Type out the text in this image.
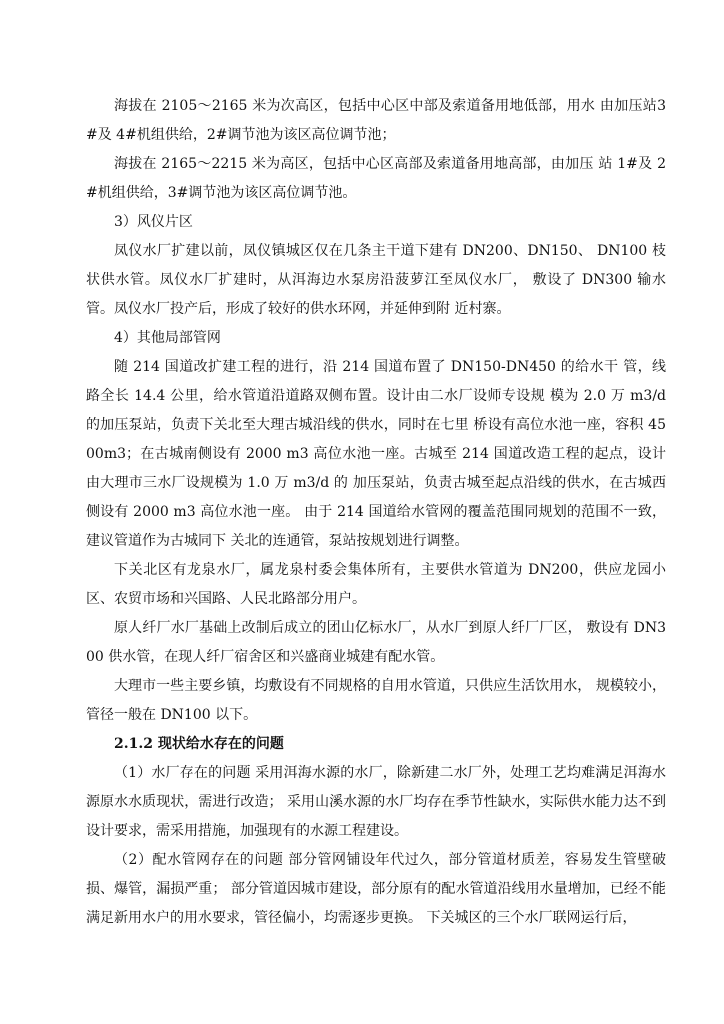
海拔在 2105～2165 米为次高区，包括中心区中部及索道备用地低部，用水 由加压站3#及 4#机组供给，2#调节池为该区高位调节池；

海拔在 2165～2215 米为高区，包括中心区高部及索道备用地高部，由加压 站 1#及 2#机组供给，3#调节池为该区高位调节池。

3）风仪片区

凤仪水厂扩建以前，凤仪镇城区仅在几条主干道下建有 DN200、DN150、 DN100 枝状供水管。凤仪水厂扩建时，从洱海边水泵房沿菠萝江至凤仪水厂， 敷设了 DN300 输水管。凤仪水厂投产后，形成了较好的供水环网，并延伸到附 近村寨。

4）其他局部管网

随 214 国道改扩建工程的进行，沿 214 国道布置了 DN150-DN450 的给水干 管，线路全长 14.4 公里，给水管道沿道路双侧布置。设计由二水厂设师专设规 模为 2.0 万 m3/d 的加压泵站，负责下关北至大理古城沿线的供水，同时在七里 桥设有高位水池一座，容积 4500m3；在古城南侧设有 2000 m3 高位水池一座。古城至 214 国道改造工程的起点，设计由大理市三水厂设规模为 1.0 万 m3/d 的 加压泵站，负责古城至起点沿线的供水，在古城西侧设有 2000 m3 高位水池一座。 由于 214 国道给水管网的覆盖范围同规划的范围不一致，建议管道作为古城同下 关北的连通管，泵站按规划进行调整。

下关北区有龙泉水厂，属龙泉村委会集体所有，主要供水管道为 DN200，供应龙园小区、农贸市场和兴国路、人民北路部分用户。

原人纤厂水厂基础上改制后成立的团山亿标水厂，从水厂到原人纤厂厂区， 敷设有 DN300 供水管，在现人纤厂宿舍区和兴盛商业城建有配水管。

大理市一些主要乡镇，均敷设有不同规格的自用水管道，只供应生活饮用水， 规模较小，管径一般在 DN100 以下。

2.1.2 现状给水存在的问题

（1）水厂存在的问题 采用洱海水源的水厂，除新建二水厂外，处理工艺均难满足洱海水源原水水质现状，需进行改造； 采用山溪水源的水厂均存在季节性缺水，实际供水能力达不到设计要求，需采用措施，加强现有的水源工程建设。

（2）配水管网存在的问题 部分管网铺设年代过久，部分管道材质差，容易发生管壁破损、爆管，漏损严重； 部分管道因城市建设，部分原有的配水管道沿线用水量增加，已经不能满足新用水户的用水要求，管径偏小，均需逐步更换。 下关城区的三个水厂联网运行后，
